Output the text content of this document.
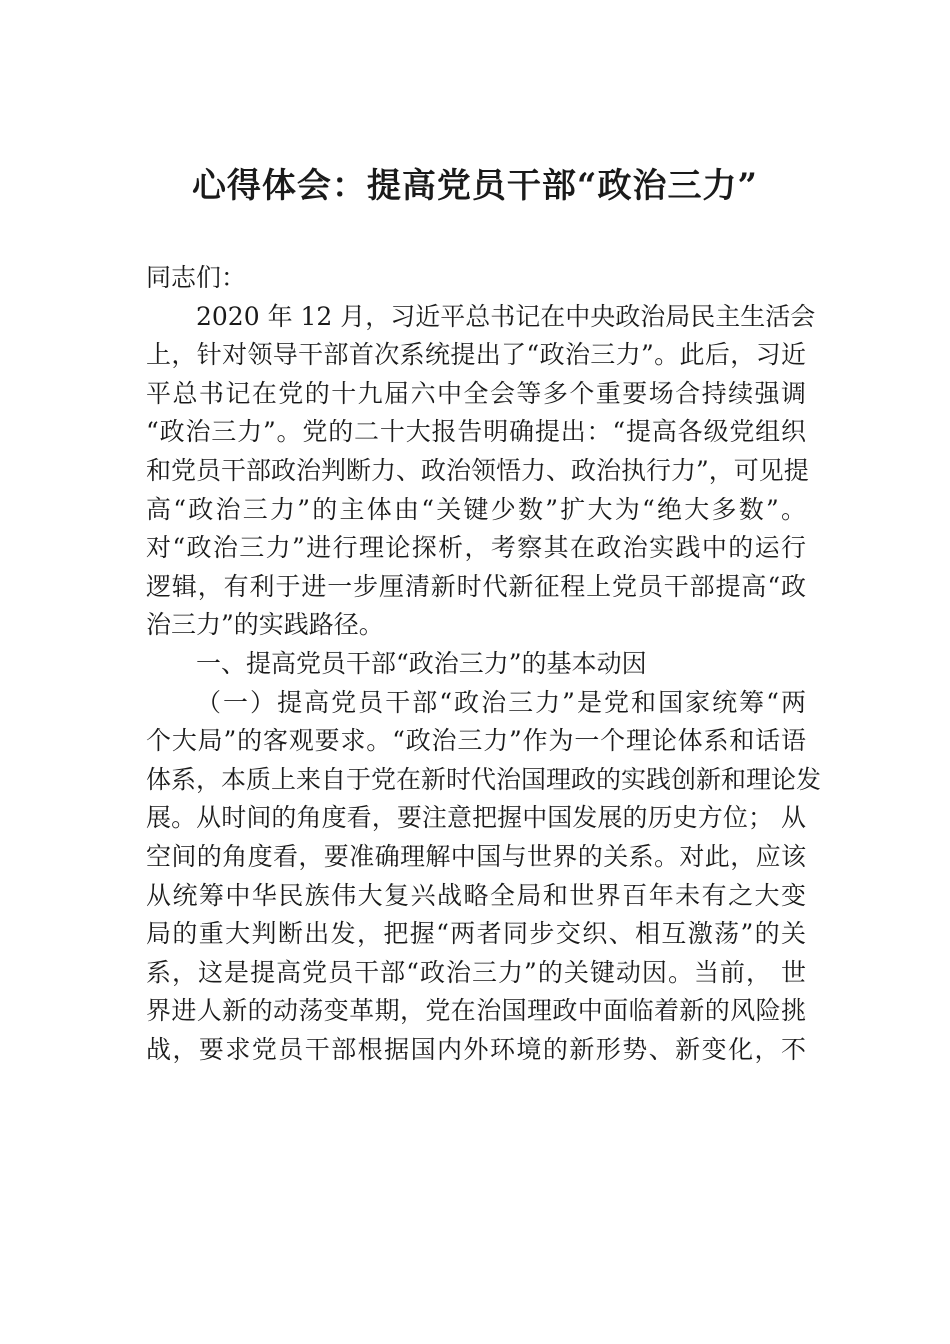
心得体会：提高党员干部“政治三力”
同志们：
2020 年 12 月，习近平总书记在中央政治局民主生活会
上，针对领导干部首次系统提出了“政治三力”。此后，习近
平总书记在党的十九届六中全会等多个重要场合持续强调
“政治三力”。党的二十大报告明确提出：“提高各级党组织
和党员干部政治判断力、政治领悟力、政治执行力”，可见提
高“政治三力”的主体由“关键少数”扩大为“绝大多数”。
对“政治三力”进行理论探析，考察其在政治实践中的运行
逻辑，有利于进一步厘清新时代新征程上党员干部提高“政
治三力”的实践路径。
一、提高党员干部“政治三力”的基本动因
（一）提高党员干部“政治三力”是党和国家统筹“两
个大局”的客观要求。“政治三力”作为一个理论体系和话语
体系，本质上来自于党在新时代治国理政的实践创新和理论发
展。从时间的角度看，要注意把握中国发展的历史方位； 从
空间的角度看，要准确理解中国与世界的关系。对此，应该
从统筹中华民族伟大复兴战略全局和世界百年未有之大变
局的重大判断出发，把握“两者同步交织、相互激荡”的关
系，这是提高党员干部“政治三力”的关键动因。当前， 世
界进人新的动荡变革期，党在治国理政中面临着新的风险挑
战，要求党员干部根据国内外环境的新形势、新变化，不
